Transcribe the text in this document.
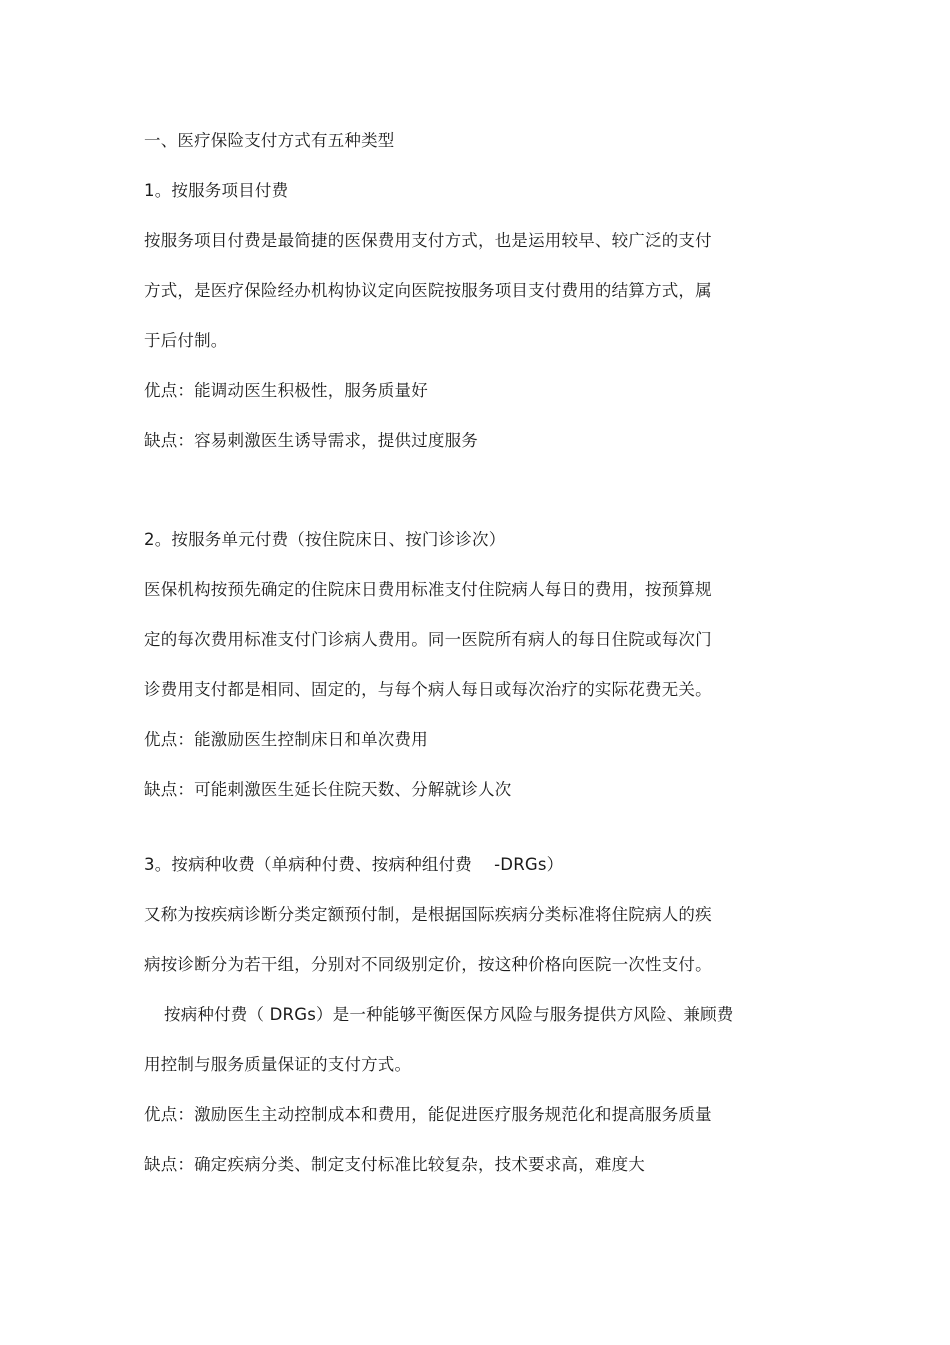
一、医疗保险支付方式有五种类型
1。按服务项目付费
按服务项目付费是最简捷的医保费用支付方式，也是运用较早、较广泛的支付
方式，是医疗保险经办机构协议定向医院按服务项目支付费用的结算方式，属
于后付制。
优点：能调动医生积极性，服务质量好
缺点：容易刺激医生诱导需求，提供过度服务
2。按服务单元付费（按住院床日、按门诊诊次）
医保机构按预先确定的住院床日费用标准支付住院病人每日的费用，按预算规
定的每次费用标准支付门诊病人费用。同一医院所有病人的每日住院或每次门
诊费用支付都是相同、固定的，与每个病人每日或每次治疗的实际花费无关。
优点：能激励医生控制床日和单次费用
缺点：可能刺激医生延长住院天数、分解就诊人次
3。按病种收费（单病种付费、按病种组付费 　-DRGs）
又称为按疾病诊断分类定额预付制，是根据国际疾病分类标准将住院病人的疾
病按诊断分为若干组，分别对不同级别定价，按这种价格向医院一次性支付。
按病种付费（ DRGs）是一种能够平衡医保方风险与服务提供方风险、兼顾费
用控制与服务质量保证的支付方式。
优点：激励医生主动控制成本和费用，能促进医疗服务规范化和提高服务质量
缺点：确定疾病分类、制定支付标准比较复杂，技术要求高，难度大
